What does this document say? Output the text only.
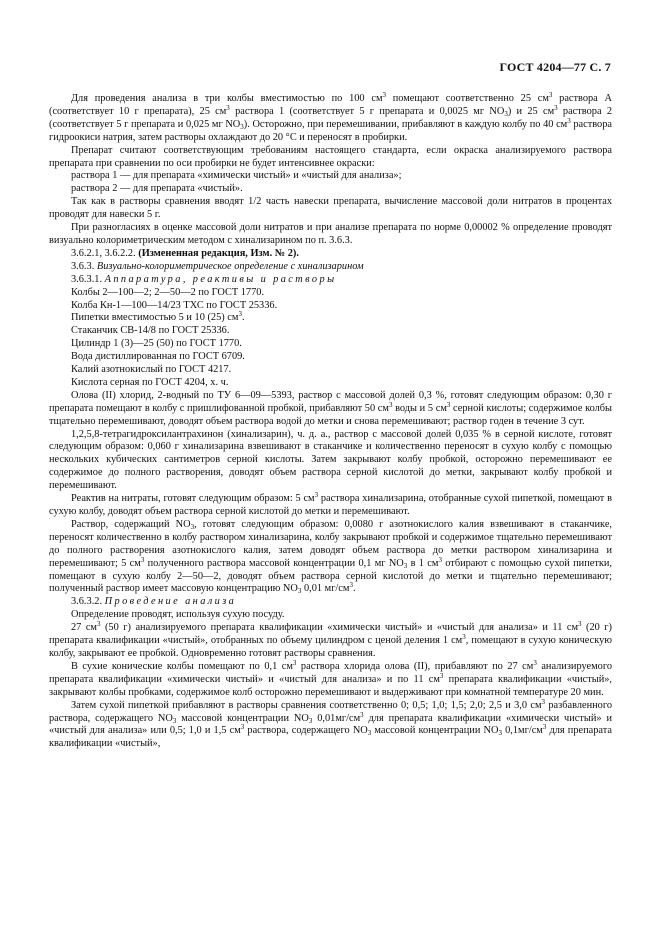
ГОСТ 4204—77 С. 7

Для проведения анализа в три колбы вместимостью по 100 $см^3$ помещают соответственно 25 $см^3$ раствора А (соответствует 10 г препарата), 25 $см^3$ раствора 1 (соответствует 5 г препарата и 0,0025 мг $NO_3$) и 25 $см^3$ раствора 2 (соответствует 5 г препарата и 0,025 мг $NO_3$). Осторожно, при перемешивании, прибавляют в каждую колбу по 40 $см^3$ раствора гидроокиси натрия, затем растворы охлаждают до 20 °С и переносят в пробирки.

Препарат считают соответствующим требованиям настоящего стандарта, если окраска анализируемого раствора препарата при сравнении по оси пробирки не будет интенсивнее окраски:

раствора 1 — для препарата «химически чистый» и «чистый для анализа»;

раствора 2 — для препарата «чистый».

Так как в растворы сравнения вводят 1/2 часть навески препарата, вычисление массовой доли нитратов в процентах проводят для навески 5 г.

При разногласиях в оценке массовой доли нитратов и при анализе препарата по норме 0,00002 % определение проводят визуально колориметрическим методом с хинализарином по п. 3.6.3.

3.6.2.1, 3.6.2.2. (Измененная редакция, Изм. № 2).

3.6.3. Визуально-колориметрическое определение с хинализарином

3.6.3.1. Аппаратура, реактивы и растворы

Колбы 2—100—2; 2—50—2 по ГОСТ 1770.

Колба Кн-1—100—14/23 ТХС по ГОСТ 25336.

Пипетки вместимостью 5 и 10 (25) $см^3$.

Стаканчик СВ-14/8 по ГОСТ 25336.

Цилиндр 1 (3)—25 (50) по ГОСТ 1770.

Вода дистиллированная по ГОСТ 6709.

Калий азотнокислый по ГОСТ 4217.

Кислота серная по ГОСТ 4204, х. ч.

Олова (II) хлорид, 2-водный по ТУ 6—09—5393, раствор с массовой долей 0,3 %, готовят следующим образом: 0,30 г препарата помещают в колбу с пришлифованной пробкой, прибавляют 50 $см^3$ воды и 5 $см^3$ серной кислоты; содержимое колбы тщательно перемешивают, доводят объем раствора водой до метки и снова перемешивают; раствор годен в течение 3 сут.

1,2,5,8-тетрагидроксилантрахинон (хинализарин), ч. д. а., раствор с массовой долей 0,035 % в серной кислоте, готовят следующим образом: 0,060 г хинализарина взвешивают в стаканчике и количественно переносят в сухую колбу с помощью нескольких кубических сантиметров серной кислоты. Затем закрывают колбу пробкой, осторожно перемешивают ее содержимое до полного растворения, доводят объем раствора серной кислотой до метки, закрывают колбу пробкой и перемешивают.

Реактив на нитраты, готовят следующим образом: 5 $см^3$ раствора хинализарина, отобранные сухой пипеткой, помещают в сухую колбу, доводят объем раствора серной кислотой до метки и перемешивают.

Раствор, содержащий $NO_3$, готовят следующим образом: 0,0080 г азотнокислого калия взвешивают в стаканчике, переносят количественно в колбу раствором хинализарина, колбу закрывают пробкой и содержимое тщательно перемешивают до полного растворения азотнокислого калия, затем доводят объем раствора до метки раствором хинализарина и перемешивают; 5 $см^3$ полученного раствора массовой концентрации 0,1 мг $NO_3$ в 1 $см^3$ отбирают с помощью сухой пипетки, помещают в сухую колбу 2—50—2, доводят объем раствора серной кислотой до метки и тщательно перемешивают; полученный раствор имеет массовую концентрацию $NO_3$ 0,01 $мг/см^3$.

3.6.3.2. Проведение анализа

Определение проводят, используя сухую посуду.

27 $см^3$ (50 г) анализируемого препарата квалификации «химически чистый» и «чистый для анализа» и 11 $см^3$ (20 г) препарата квалификации «чистый», отобранных по объему цилиндром с ценой деления 1 $см^3$, помещают в сухую коническую колбу, закрывают ее пробкой. Одновременно готовят растворы сравнения.

В сухие конические колбы помещают по 0,1 $см^3$ раствора хлорида олова (II), прибавляют по 27 $см^3$ анализируемого препарата квалификации «химически чистый» и «чистый для анализа» и по 11 $см^3$ препарата квалификации «чистый», закрывают колбы пробками, содержимое колб осторожно перемешивают и выдерживают при комнатной температуре 20 мин.

Затем сухой пипеткой прибавляют в растворы сравнения соответственно 0; 0,5; 1,0; 1,5; 2,0; 2,5 и 3,0 $см^3$ разбавленного раствора, содержащего $NO_3$ массовой концентрации $NO_3$ $0,01мг/см^3$ для препарата квалификации «химически чистый» и «чистый для анализа» или 0,5; 1,0 и 1,5 $см^3$ раствора, содержащего $NO_3$ массовой концентрации $NO_3$ $0,1мг/см^3$ для препарата квалификации «чистый»,
